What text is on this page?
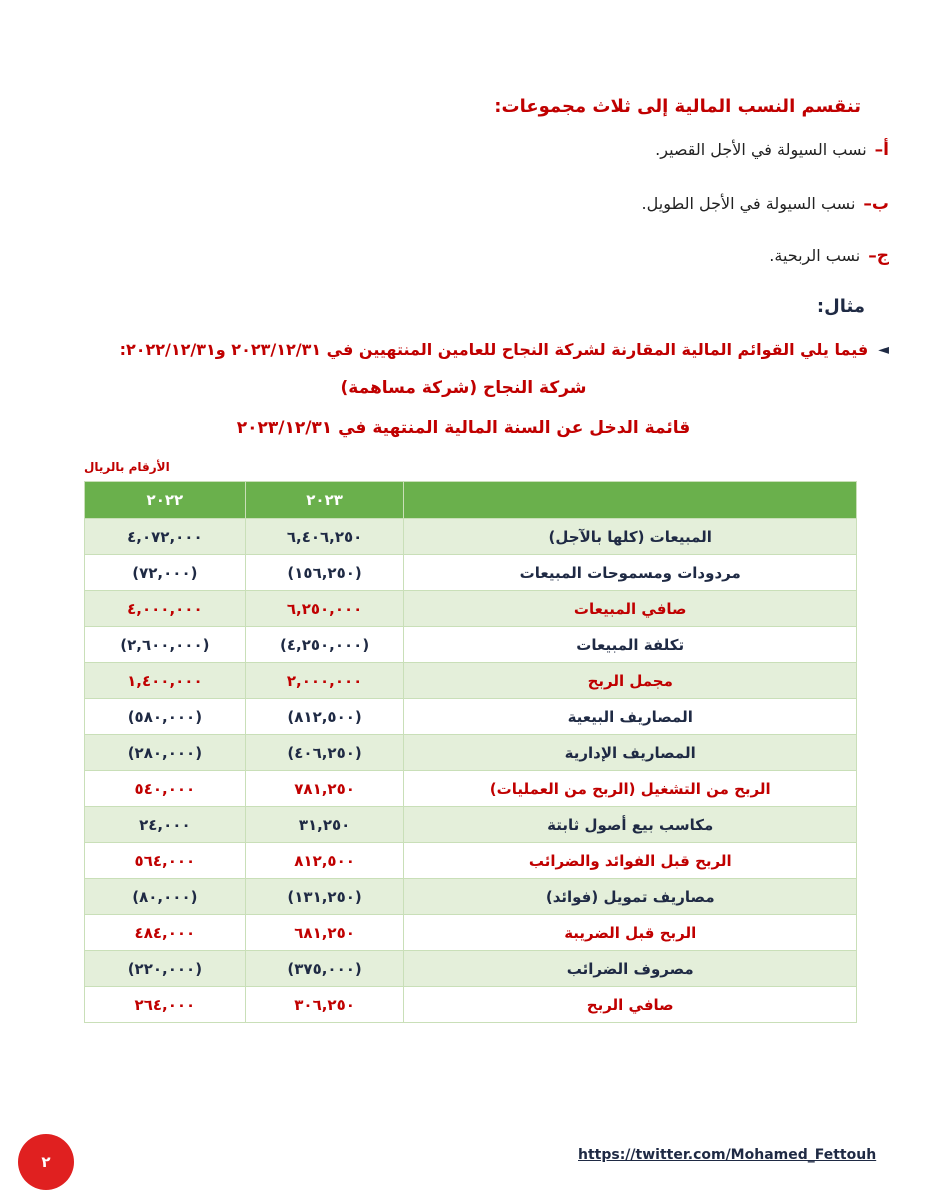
تنقسم النسب المالية إلى ثلاث مجموعات:
أ–
نسب السيولة في الأجل القصير.
ب–
نسب السيولة في الأجل الطويل.
ج–
نسب الربحية.
مثال:
◄
فيما يلي القوائم المالية المقارنة لشركة النجاح للعامين المنتهيين في ٢٠٢٣/١٢/٣١ و٢٠٢٢/١٢/٣١:
شركة النجاح (شركة مساهمة)
قائمة الدخل عن السنة المالية المنتهية في ٢٠٢٣/١٢/٣١
الأرقام بالريال
	٢٠٢٣	٢٠٢٢
المبيعات (كلها بالآجل)	٦,٤٠٦,٢٥٠	٤,٠٧٢,٠٠٠
مردودات ومسموحات المبيعات	(١٥٦,٢٥٠)	(٧٢,٠٠٠)
صافي المبيعات	٦,٢٥٠,٠٠٠	٤,٠٠٠,٠٠٠
تكلفة المبيعات	(٤,٢٥٠,٠٠٠)	(٢,٦٠٠,٠٠٠)
مجمل الربح	٢,٠٠٠,٠٠٠	١,٤٠٠,٠٠٠
المصاريف البيعية	(٨١٢,٥٠٠)	(٥٨٠,٠٠٠)
المصاريف الإدارية	(٤٠٦,٢٥٠)	(٢٨٠,٠٠٠)
الربح من التشغيل (الربح من العمليات)	٧٨١,٢٥٠	٥٤٠,٠٠٠
مكاسب بيع أصول ثابتة	٣١,٢٥٠	٢٤,٠٠٠
الربح قبل الفوائد والضرائب	٨١٢,٥٠٠	٥٦٤,٠٠٠
مصاريف تمويل (فوائد)	(١٣١,٢٥٠)	(٨٠,٠٠٠)
الربح قبل الضريبة	٦٨١,٢٥٠	٤٨٤,٠٠٠
مصروف الضرائب	(٣٧٥,٠٠٠)	(٢٢٠,٠٠٠)
صافي الربح	٣٠٦,٢٥٠	٢٦٤,٠٠٠
https://twitter.com/Mohamed_Fettouh
٢
